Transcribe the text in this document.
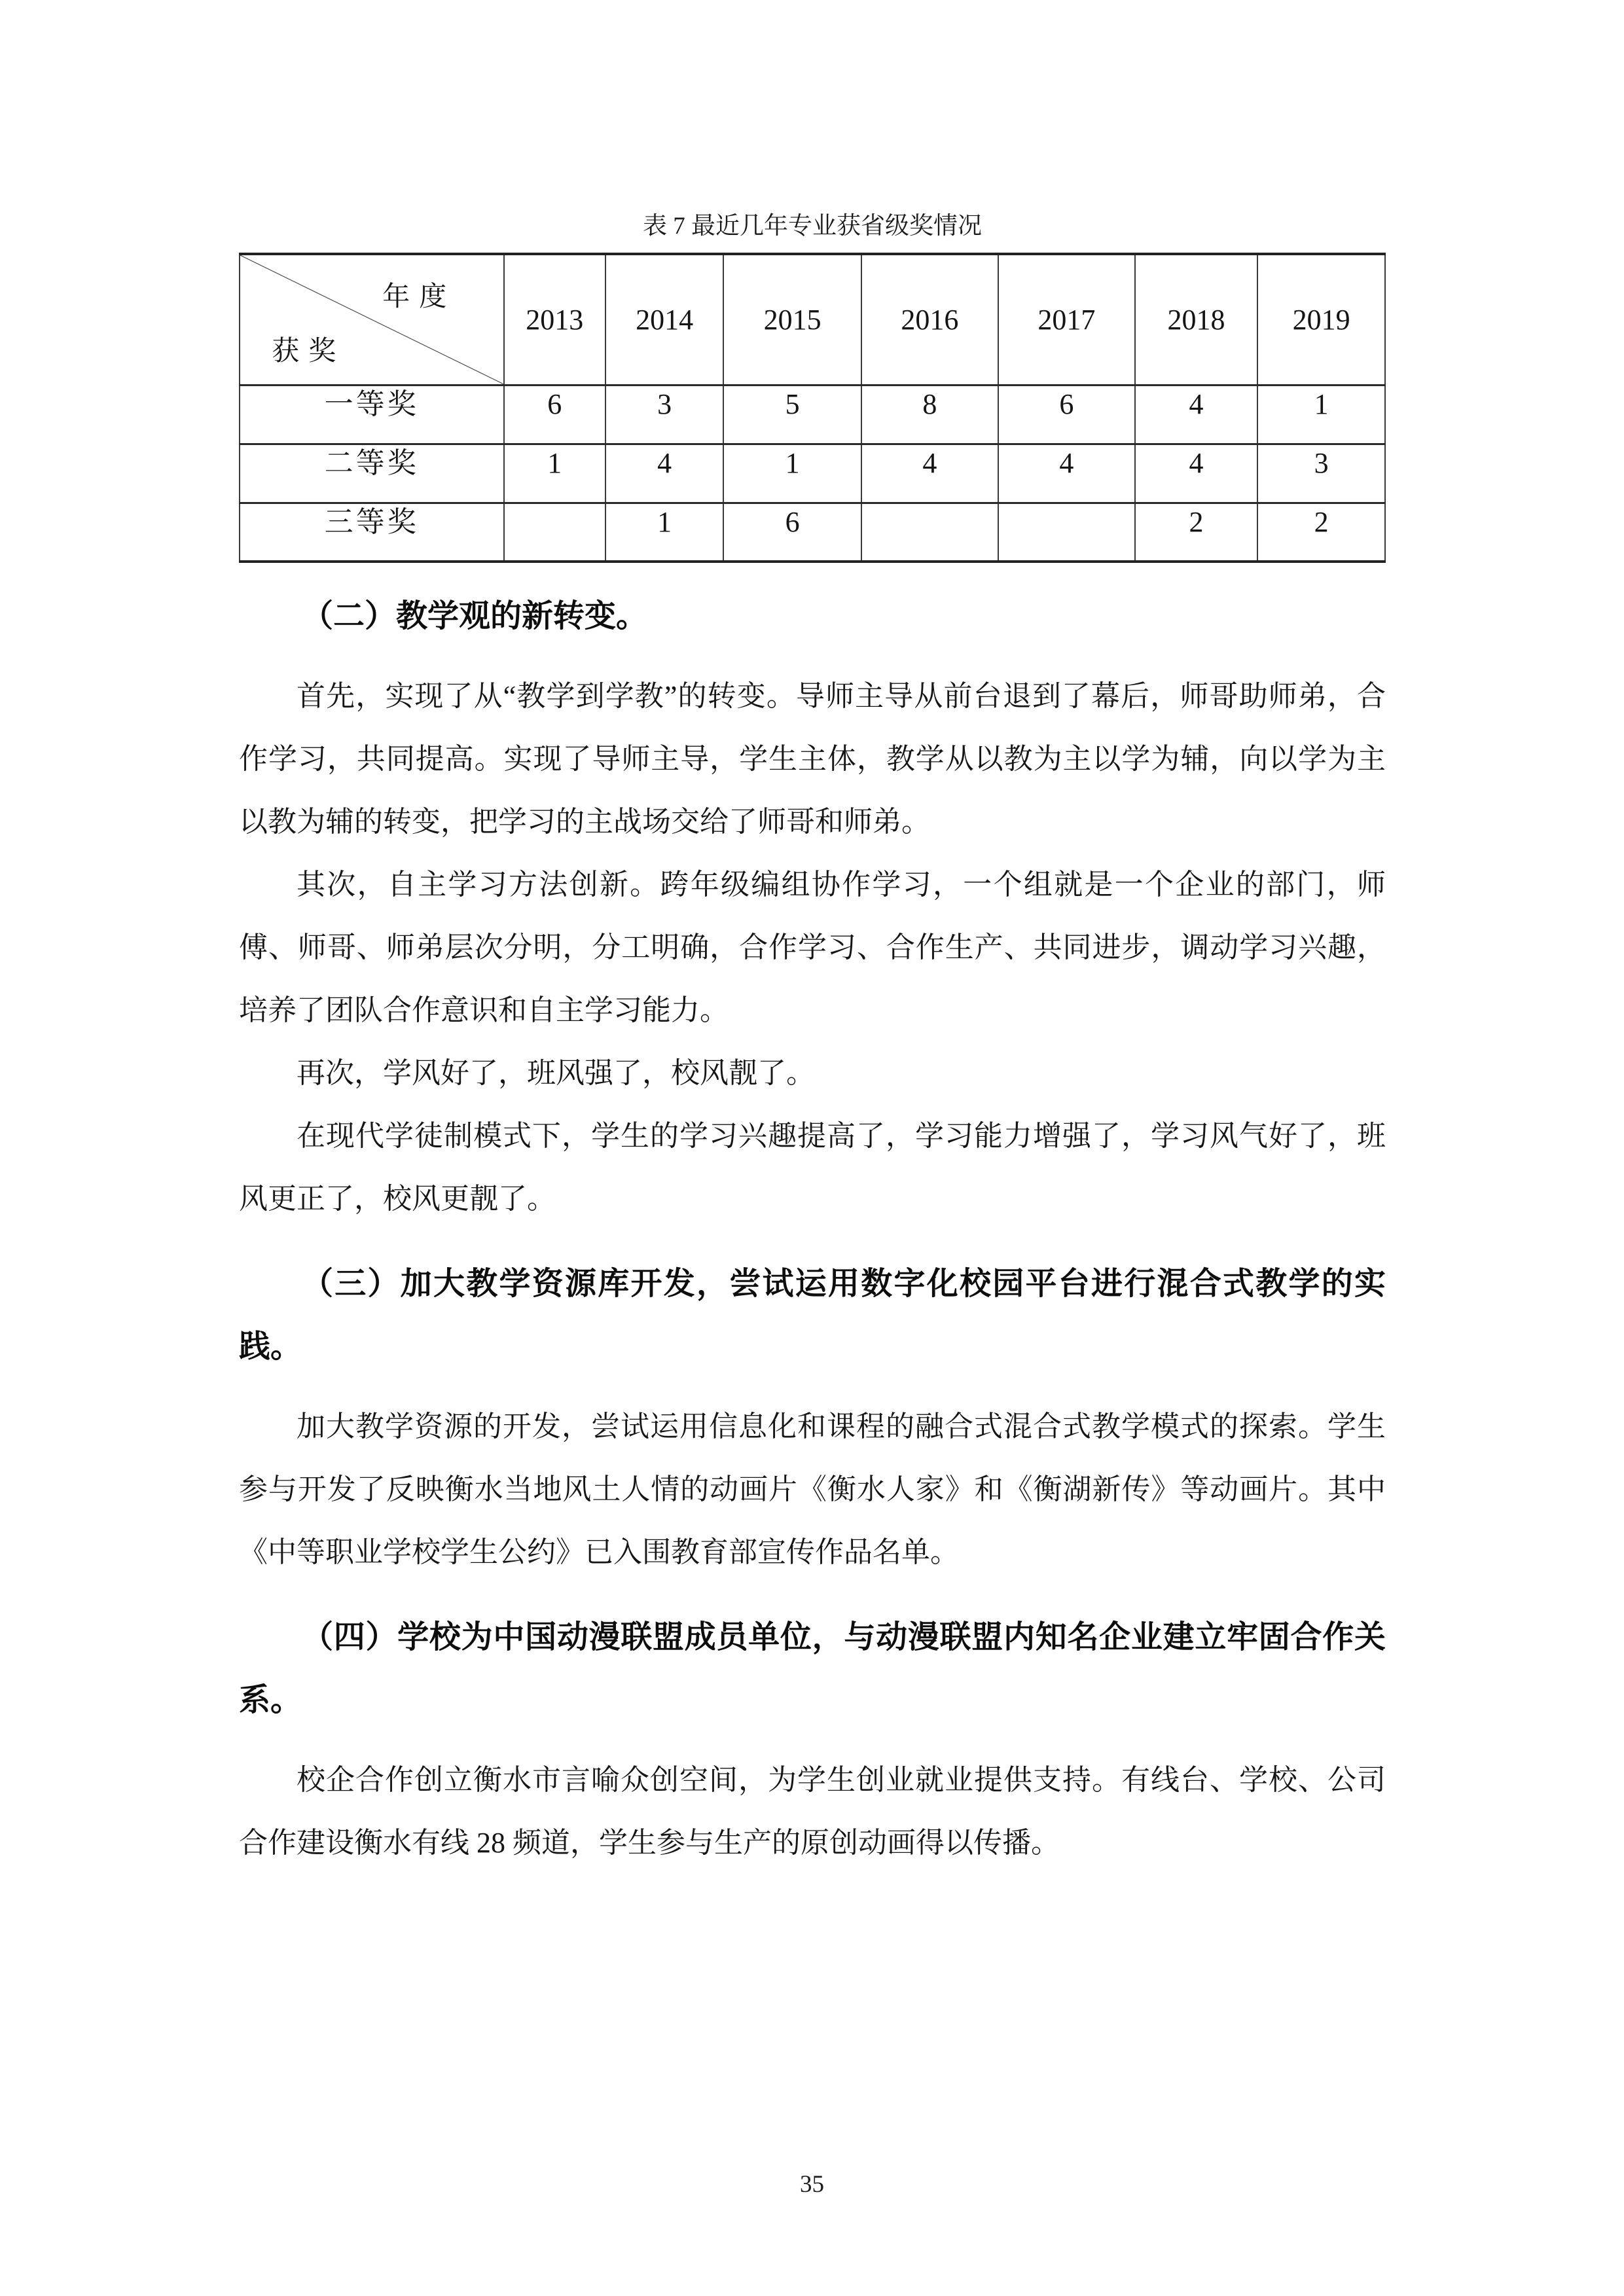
表 7 最近几年专业获省级奖情况
年度
获奖	2013	2014	2015	2016	2017	2018	2019
一等奖	6	3	5	8	6	4	1
二等奖	1	4	1	4	4	4	3
三等奖		1	6			2	2
（二）教学观的新转变。

首先，实现了从“教学到学教”的转变。导师主导从前台退到了幕后，师哥助师弟，合作学习，共同提高。实现了导师主导，学生主体，教学从以教为主以学为辅，向以学为主以教为辅的转变，把学习的主战场交给了师哥和师弟。

其次，自主学习方法创新。跨年级编组协作学习，一个组就是一个企业的部门，师傅、师哥、师弟层次分明，分工明确，合作学习、合作生产、共同进步，调动学习兴趣，培养了团队合作意识和自主学习能力。

再次，学风好了，班风强了，校风靓了。

在现代学徒制模式下，学生的学习兴趣提高了，学习能力增强了，学习风气好了，班风更正了，校风更靓了。

（三）加大教学资源库开发，尝试运用数字化校园平台进行混合式教学的实践。

加大教学资源的开发，尝试运用信息化和课程的融合式混合式教学模式的探索。学生参与开发了反映衡水当地风土人情的动画片《衡水人家》和《衡湖新传》等动画片。其中《中等职业学校学生公约》已入围教育部宣传作品名单。

（四）学校为中国动漫联盟成员单位，与动漫联盟内知名企业建立牢固合作关系。

校企合作创立衡水市言喻众创空间，为学生创业就业提供支持。有线台、学校、公司合作建设衡水有线 28 频道，学生参与生产的原创动画得以传播。

35
